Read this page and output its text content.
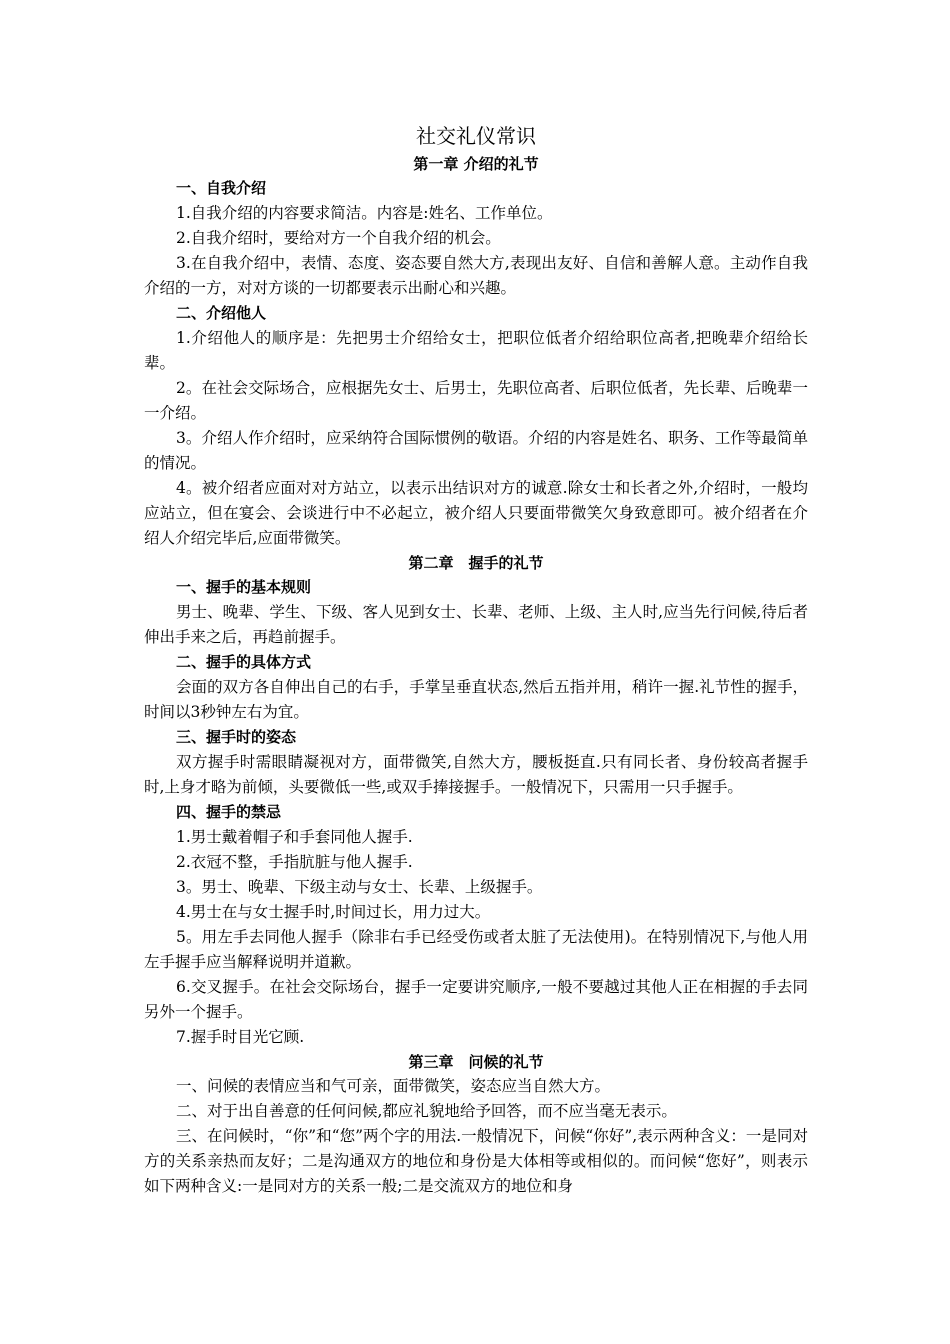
社交礼仪常识
第一章 介绍的礼节
一、自我介绍

1.自我介绍的内容要求简洁。内容是:姓名、工作单位。

2.自我介绍时，要给对方一个自我介绍的机会。

3.在自我介绍中，表情、态度、姿态要自然大方,表现出友好、自信和善解人意。主动作自我介绍的一方，对对方谈的一切都要表示出耐心和兴趣。

二、介绍他人

1.介绍他人的顺序是：先把男士介绍给女士，把职位低者介绍给职位高者,把晚辈介绍给长辈。

2。在社会交际场合，应根据先女士、后男士，先职位高者、后职位低者，先长辈、后晚辈一一介绍。

3。介绍人作介绍时，应采纳符合国际惯例的敬语。介绍的内容是姓名、职务、工作等最简单的情况。

4。被介绍者应面对对方站立，以表示出结识对方的诚意.除女士和长者之外,介绍时，一般均应站立，但在宴会、会谈进行中不必起立，被介绍人只要面带微笑欠身致意即可。被介绍者在介绍人介绍完毕后,应面带微笑。

第二章　握手的礼节
一、握手的基本规则

男士、晚辈、学生、下级、客人见到女士、长辈、老师、上级、主人时,应当先行问候,待后者伸出手来之后，再趋前握手。

二、握手的具体方式

会面的双方各自伸出自己的右手，手掌呈垂直状态,然后五指并用，稍许一握.礼节性的握手，时间以3秒钟左右为宜。

三、握手时的姿态

双方握手时需眼睛凝视对方，面带微笑,自然大方，腰板挺直.只有同长者、身份较高者握手时,上身才略为前倾，头要微低一些,或双手捧接握手。一般情况下，只需用一只手握手。

四、握手的禁忌

1.男士戴着帽子和手套同他人握手.

2.衣冠不整，手指肮脏与他人握手.

3。男士、晚辈、下级主动与女士、长辈、上级握手。

4.男士在与女士握手时,时间过长，用力过大。

5。用左手去同他人握手（除非右手已经受伤或者太脏了无法使用)。在特别情况下,与他人用左手握手应当解释说明并道歉。

6.交叉握手。在社会交际场台，握手一定要讲究顺序,一般不要越过其他人正在相握的手去同另外一个握手。

7.握手时目光它顾.

第三章　问候的礼节

一、问候的表情应当和气可亲，面带微笑，姿态应当自然大方。

二、对于出自善意的任何问候,都应礼貌地给予回答，而不应当毫无表示。

三、在问候时，“你”和“您”两个字的用法.一般情况下，问候“你好”,表示两种含义：一是同对方的关系亲热而友好；二是沟通双方的地位和身份是大体相等或相似的。而问候“您好”，则表示如下两种含义:一是同对方的关系一般;二是交流双方的地位和身
